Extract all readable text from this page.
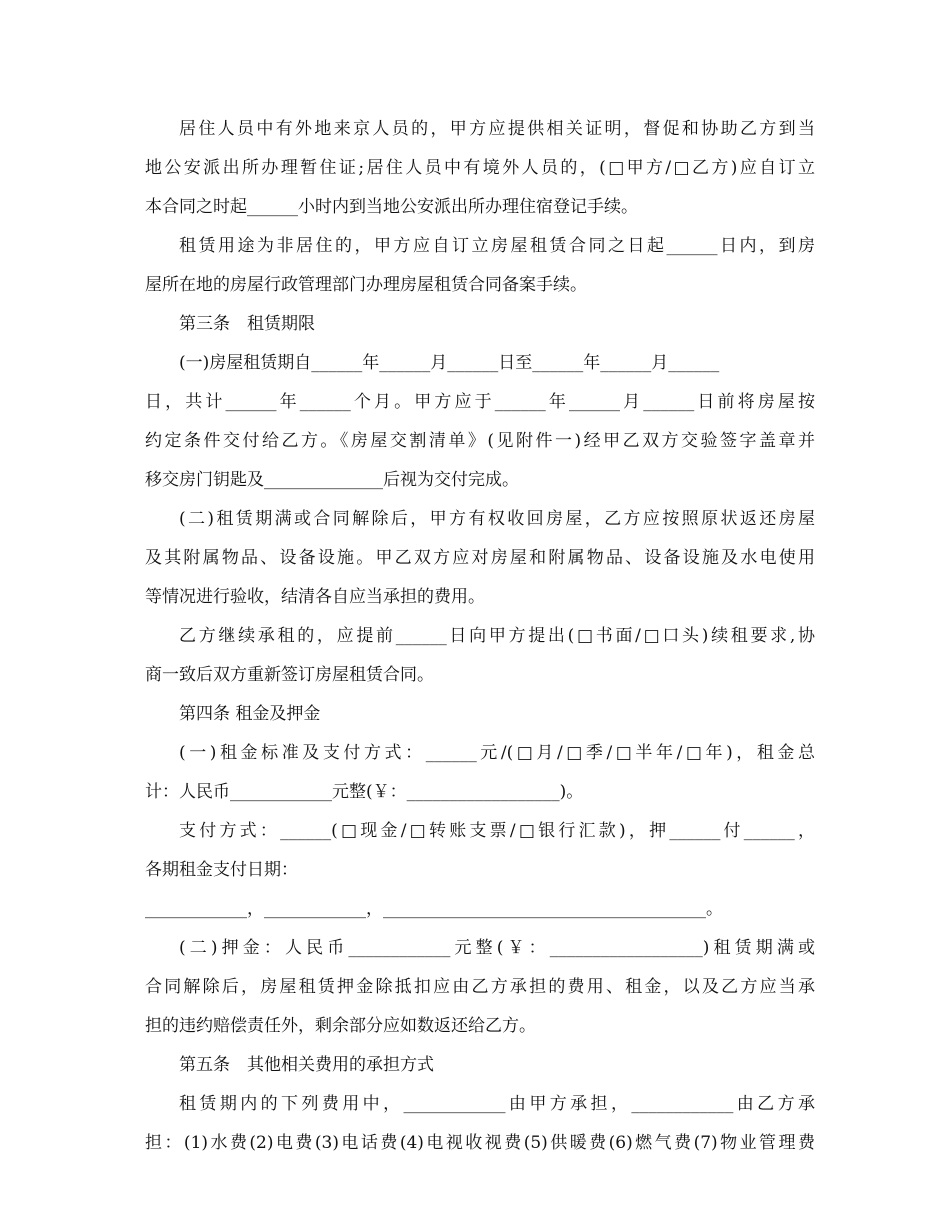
居住人员中有外地来京人员的，甲方应提供相关证明，督促和协助乙方到当
地公安派出所办理暂住证;居住人员中有境外人员的，(□甲方/□乙方)应自订立
本合同之时起______小时内到当地公安派出所办理住宿登记手续。
租赁用途为非居住的，甲方应自订立房屋租赁合同之日起______日内，到房
屋所在地的房屋行政管理部门办理房屋租赁合同备案手续。
第三条　租赁期限
(一)房屋租赁期自______年______月______日至______年______月______
日，共计______年______个月。甲方应于______年______月______日前将房屋按
约定条件交付给乙方。《房屋交割清单》(见附件一)经甲乙双方交验签字盖章并
移交房门钥匙及______________后视为交付完成。
(二)租赁期满或合同解除后，甲方有权收回房屋，乙方应按照原状返还房屋
及其附属物品、设备设施。甲乙双方应对房屋和附属物品、设备设施及水电使用
等情况进行验收，结清各自应当承担的费用。
乙方继续承租的，应提前______日向甲方提出(□书面/□口头)续租要求,协
商一致后双方重新签订房屋租赁合同。
第四条 租金及押金
(一)租金标准及支付方式：______元/(□月/□季/□半年/□年)，租金总
计：人民币____________元整(￥：__________________)。
支付方式：______(□现金/□转账支票/□银行汇款)，押______付______，
各期租金支付日期：
____________，____________，______________________________________。
(二)押金：人民币____________元整(￥：__________________)租赁期满或
合同解除后，房屋租赁押金除抵扣应由乙方承担的费用、租金，以及乙方应当承
担的违约赔偿责任外，剩余部分应如数返还给乙方。
第五条　其他相关费用的承担方式
租赁期内的下列费用中，____________由甲方承担，____________由乙方承
担：(1)水费(2)电费(3)电话费(4)电视收视费(5)供暖费(6)燃气费(7)物业管理费
